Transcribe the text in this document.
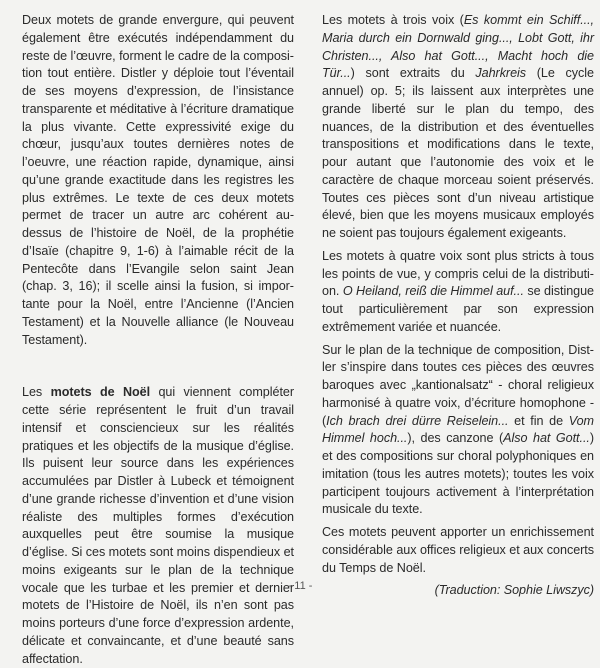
Deux motets de grande envergure, qui peuvent également être exécutés indépendamment du reste de l’œuvre, forment le cadre de la composition tout entière. Distler y déploie tout l’éventail de ses moyens d’expression, de l’insistance transparente et méditative à l’écriture dramatique la plus vivante. Cette expressivité exige du chœur, jusqu’aux toutes dernières notes de l’oeuvre, une réaction rapide, dynamique, ainsi qu’une grande exactitude dans les registres les plus extrêmes. Le texte de ces deux motets permet de tracer un autre arc cohérent au-dessus de l’histoire de Noël, de la prophétie d’Isaïe (chapitre 9, 1-6) à l’aimable récit de la Pentecôte dans l’Evangile selon saint Jean (chap. 3, 16); il scelle ainsi la fusion, si importante pour la Noël, entre l’Ancienne (l’Ancien Testament) et la Nouvelle alliance (le Nouveau Testament).

Les motets de Noël qui viennent compléter cette série représentent le fruit d’un travail intensif et consciencieux sur les réalités pratiques et les objectifs de la musique d’église. Ils puisent leur source dans les expériences accumulées par Distler à Lubeck et témoignent d’une grande richesse d’invention et d’une vision réaliste des multiples formes d’exécution auxquelles peut être soumise la musique d’église. Si ces motets sont moins dispendieux et moins exigeants sur le plan de la technique vocale que les turbae et les premier et dernier motets de l’Histoire de Noël, ils n’en sont pas moins porteurs d’une force d’expression ardente, délicate et convaincante, et d’une beauté sans affectation.

Les motets à trois voix (Es kommt ein Schiff..., Maria durch ein Dornwald ging..., Lobt Gott, ihr Christen..., Also hat Gott..., Macht hoch die Tür...) sont extraits du Jahrkreis (Le cycle annuel) op. 5; ils laissent aux interprètes une grande liberté sur le plan du tempo, des nuances, de la distribution et des éventuelles transpositions et modifications dans le texte, pour autant que l’autonomie des voix et le caractère de chaque morceau soient préservés. Toutes ces pièces sont d’un niveau artistique élevé, bien que les moyens musicaux employés ne soient pas toujours également exigeants.

Les motets à quatre voix sont plus stricts à tous les points de vue, y compris celui de la distribution. O Heiland, reiß die Himmel auf... se distingue tout particulièrement par son expression extrêmement variée et nuancée.

Sur le plan de la technique de composition, Distler s’inspire dans toutes ces pièces des œuvres baroques avec „kantionalsatz“ - choral religieux harmonisé à quatre voix, d’écriture homophone - (Ich brach drei dürre Reiselein... et fin de Vom Himmel hoch...), des canzone (Also hat Gott...) et des compositions sur choral polyphoniques en imitation (tous les autres motets); toutes les voix participent toujours activement à l’interprétation musicale du texte.

Ces motets peuvent apporter un enrichissement considérable aux offices religieux et aux concerts du Temps de Noël.

(Traduction: Sophie Liwszyc)

- 11 -
